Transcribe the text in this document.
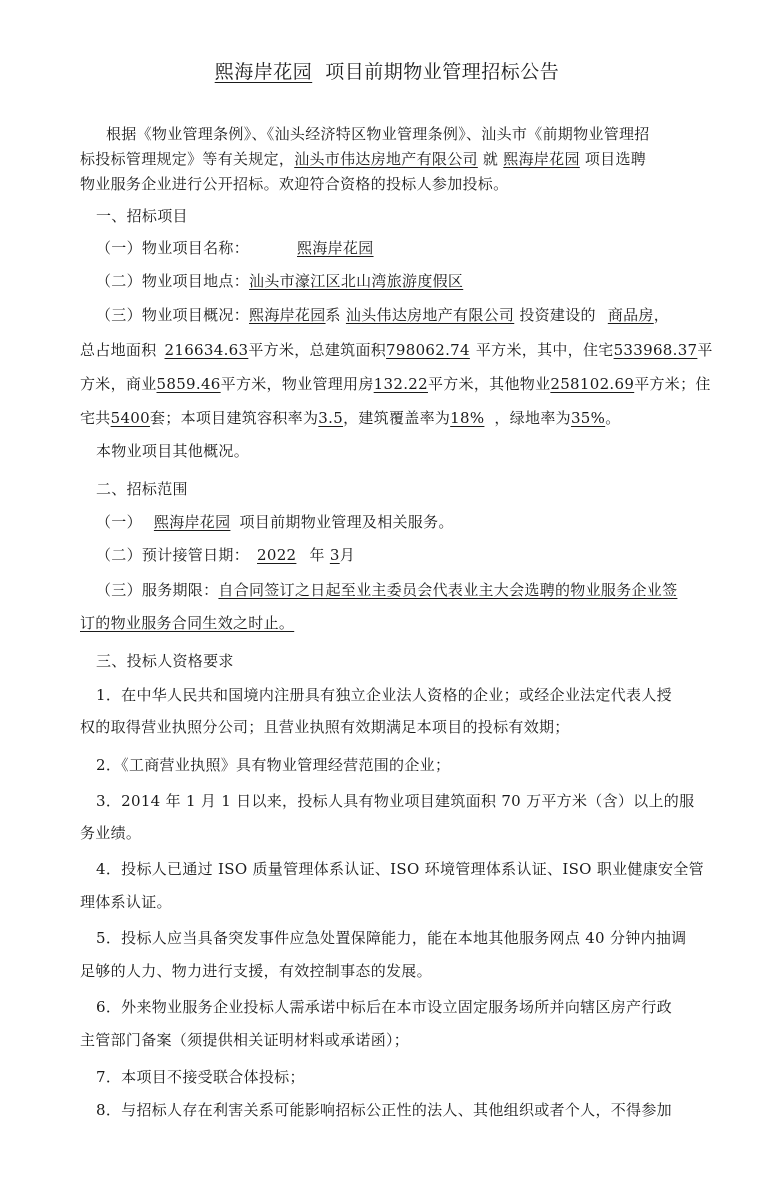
熙海岸花园 项目前期物业管理招标公告
根据《物业管理条例》、《汕头经济特区物业管理条例》、汕头市《前期物业管理招
标投标管理规定》等有关规定，汕头市伟达房地产有限公司 就 熙海岸花园 项目选聘
物业服务企业进行公开招标。欢迎符合资格的投标人参加投标。
一、招标项目
（一）物业项目名称：	熙海岸花园
（二）物业项目地点：汕头市濠江区北山湾旅游度假区
（三）物业项目概况：熙海岸花园系 汕头伟达房地产有限公司 投资建设的 商品房，
总占地面积 216634.63平方米，总建筑面积798062.74 平方米，其中，住宅533968.37平
方米，商业5859.46平方米，物业管理用房132.22平方米，其他物业258102.69平方米；住
宅共5400套；本项目建筑容积率为3.5，建筑覆盖率为18% ，绿地率为35%。
本物业项目其他概况。
二、招标范围
（一） 熙海岸花园 项目前期物业管理及相关服务。
（二）预计接管日期： 2022 年 3月
（三）服务期限：自合同签订之日起至业主委员会代表业主大会选聘的物业服务企业签
订的物业服务合同生效之时止。
三、投标人资格要求
1．在中华人民共和国境内注册具有独立企业法人资格的企业；或经企业法定代表人授
权的取得营业执照分公司；且营业执照有效期满足本项目的投标有效期；
2．《工商营业执照》具有物业管理经营范围的企业；
3．2014 年 1 月 1 日以来，投标人具有物业项目建筑面积 70 万平方米（含）以上的服
务业绩。
4．投标人已通过 ISO 质量管理体系认证、ISO 环境管理体系认证、ISO 职业健康安全管
理体系认证。
5．投标人应当具备突发事件应急处置保障能力，能在本地其他服务网点 40 分钟内抽调
足够的人力、物力进行支援，有效控制事态的发展。
6．外来物业服务企业投标人需承诺中标后在本市设立固定服务场所并向辖区房产行政
主管部门备案（须提供相关证明材料或承诺函）；
7．本项目不接受联合体投标；
8．与招标人存在利害关系可能影响招标公正性的法人、其他组织或者个人，不得参加
